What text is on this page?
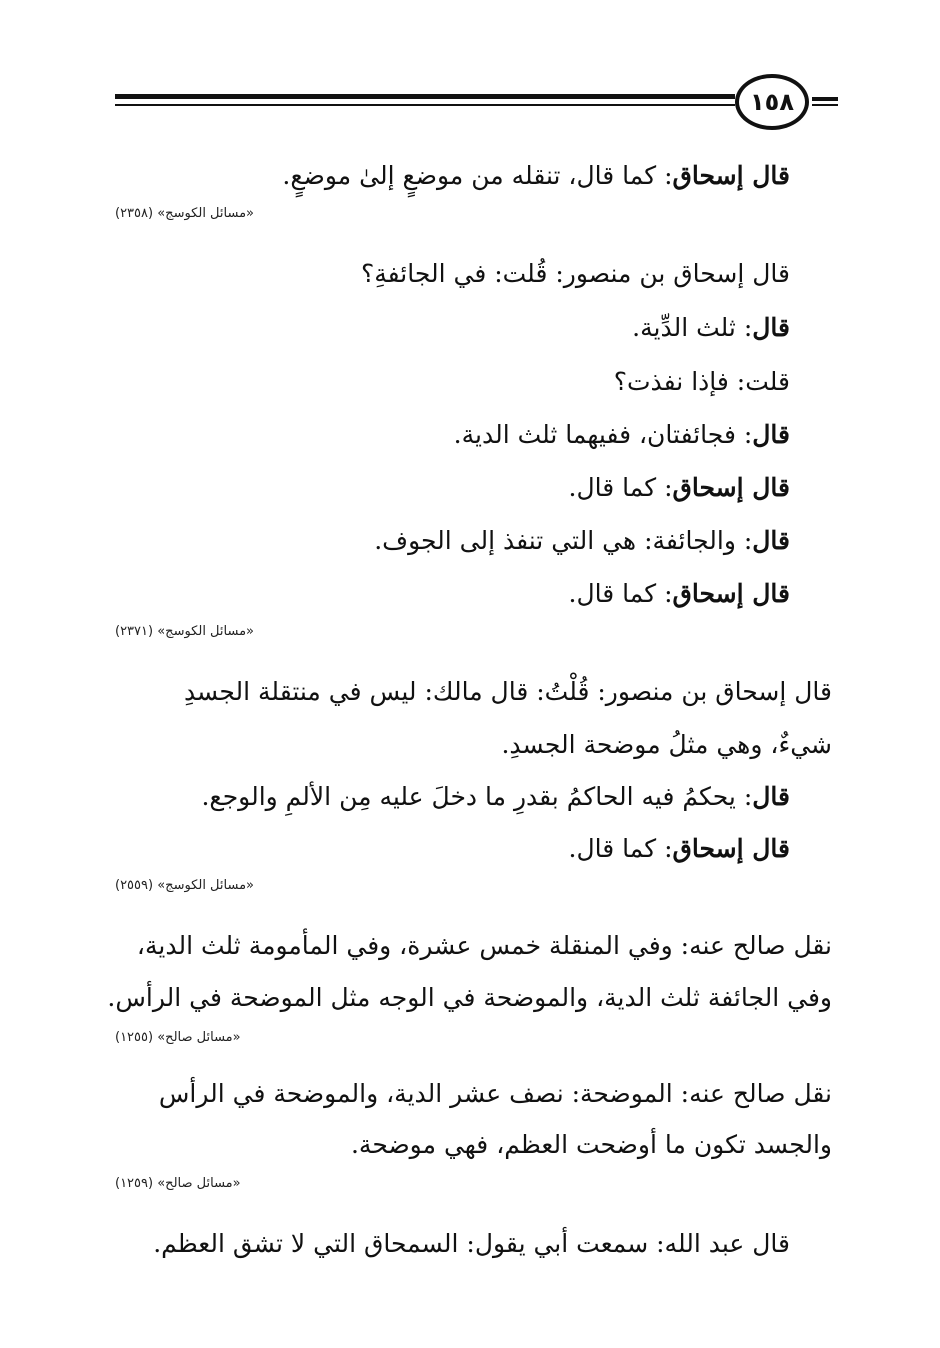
١٥٨
قال إسحاق: كما قال، تنقله من موضعٍ إلىٰ موضعٍ.
«مسائل الكوسج» (٢٣٥٨)
قال إسحاق بن منصور: قُلت: في الجائفةِ؟
قال: ثلث الدِّية.
قلت: فإذا نفذت؟
قال: فجائفتان، ففيهما ثلث الدية.
قال إسحاق: كما قال.
قال: والجائفة: هي التي تنفذ إلى الجوف.
قال إسحاق: كما قال.
«مسائل الكوسج» (٢٣٧١)
قال إسحاق بن منصور: قُلْتُ: قال مالك: ليس في منتقلة الجسدِ
شيءٌ، وهي مثلُ موضحة الجسدِ.
قال: يحكمُ فيه الحاكمُ بقدرِ ما دخلَ عليه مِن الألمِ والوجع.
قال إسحاق: كما قال.
«مسائل الكوسج» (٢٥٥٩)
نقل صالح عنه: وفي المنقلة خمس عشرة، وفي المأمومة ثلث الدية،
وفي الجائفة ثلث الدية، والموضحة في الوجه مثل الموضحة في الرأس.
«مسائل صالح» (١٢٥٥)
نقل صالح عنه: الموضحة: نصف عشر الدية، والموضحة في الرأس
والجسد تكون ما أوضحت العظم، فهي موضحة.
«مسائل صالح» (١٢٥٩)
قال عبد الله: سمعت أبي يقول: السمحاق التي لا تشق العظم.
